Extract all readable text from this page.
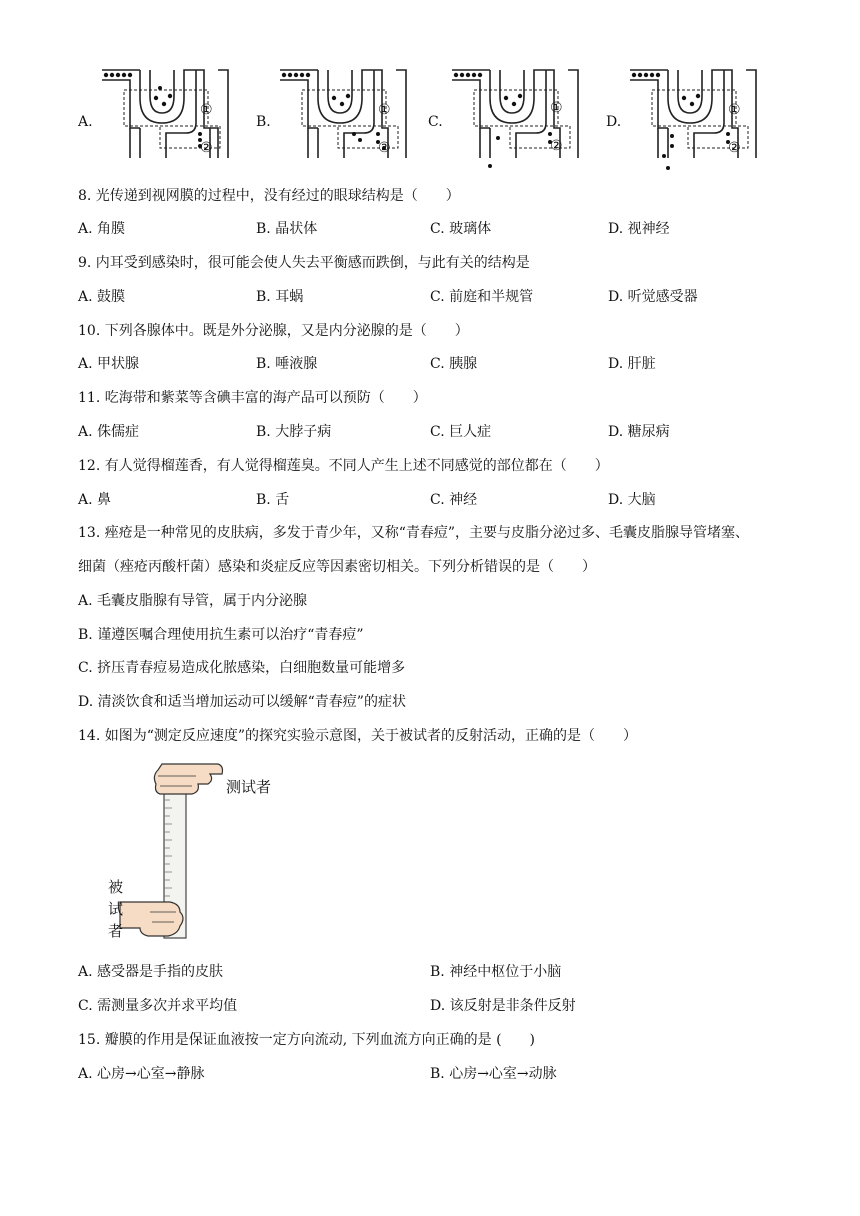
A.	B.	C.	D.
①
②
①
②
①
②
①
②
8. 光传递到视网膜的过程中，没有经过的眼球结构是（　　）
A. 角膜	B. 晶状体	C. 玻璃体	D. 视神经
9. 内耳受到感染时，很可能会使人失去平衡感而跌倒，与此有关的结构是
A. 鼓膜	B. 耳蜗	C. 前庭和半规管	D. 听觉感受器
10. 下列各腺体中。既是外分泌腺，又是内分泌腺的是（　　）
A. 甲状腺	B. 唾液腺	C. 胰腺	D. 肝脏
11. 吃海带和紫菜等含碘丰富的海产品可以预防（　　）
A. 侏儒症	B. 大脖子病	C. 巨人症	D. 糖尿病
12. 有人觉得榴莲香，有人觉得榴莲臭。不同人产生上述不同感觉的部位都在（　　）
A. 鼻	B. 舌	C. 神经	D. 大脑
13. 痤疮是一种常见的皮肤病，多发于青少年，又称“青春痘”，主要与皮脂分泌过多、毛囊皮脂腺导管堵塞、
细菌（痤疮丙酸杆菌）感染和炎症反应等因素密切相关。下列分析错误的是（　　）
A. 毛囊皮脂腺有导管，属于内分泌腺
B. 谨遵医嘱合理使用抗生素可以治疗“青春痘”
C. 挤压青春痘易造成化脓感染，白细胞数量可能增多
D. 清淡饮食和适当增加运动可以缓解“青春痘”的症状
14. 如图为“测定反应速度”的探究实验示意图，关于被试者的反射活动，正确的是（　　）
测试者
被
试
者
A. 感受器是手指的皮肤	B. 神经中枢位于小脑
C. 需测量多次并求平均值	D. 该反射是非条件反射
15. 瓣膜的作用是保证血液按一定方向流动, 下列血流方向正确的是 (　　)
A. 心房→心室→静脉	B. 心房→心室→动脉
